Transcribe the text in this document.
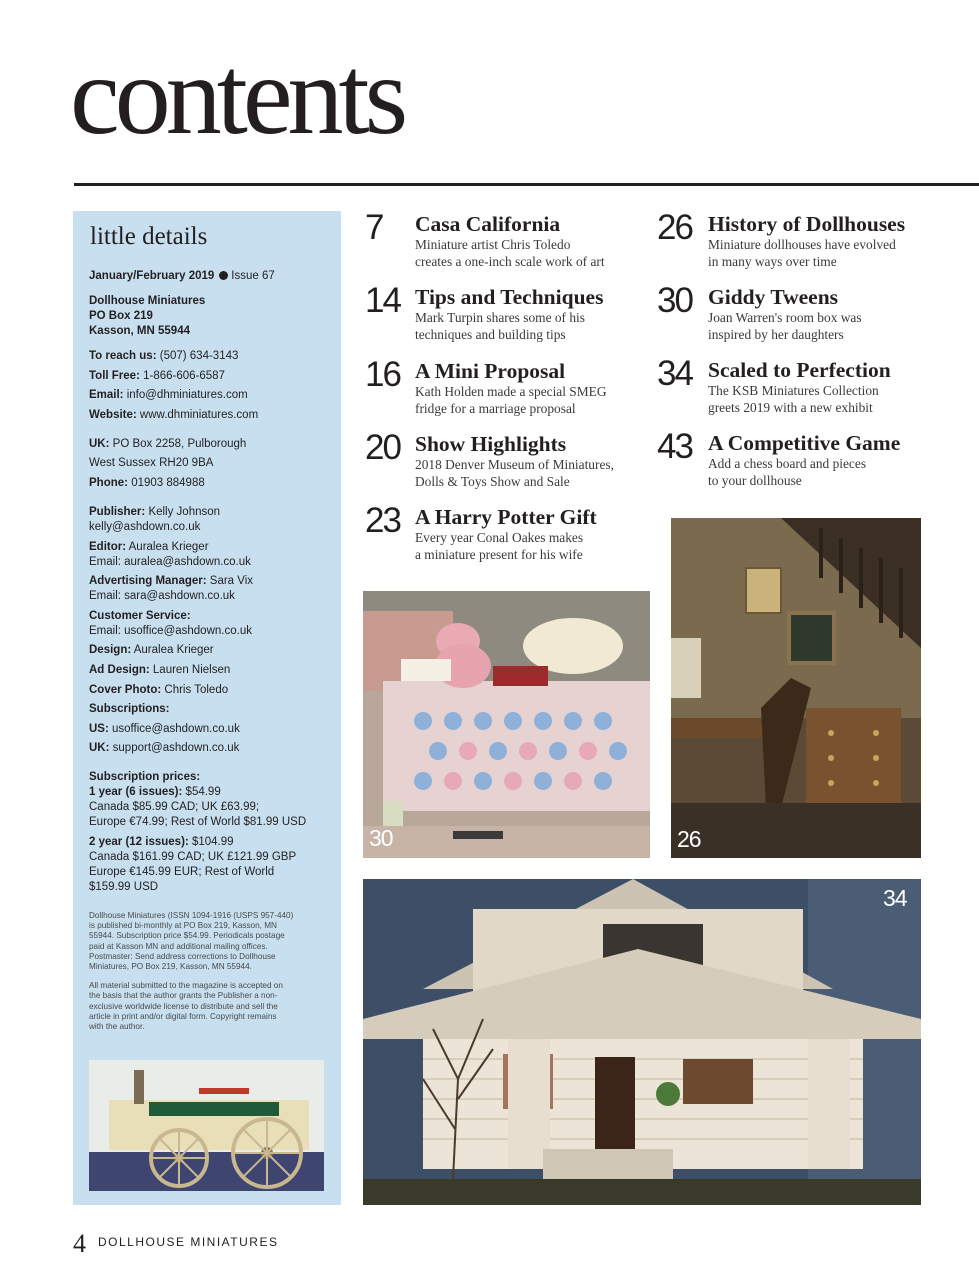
contents
little details
January/February 2019 Issue 67
Dollhouse Miniatures
PO Box 219
Kasson, MN 55944
To reach us: (507) 634-3143
Toll Free: 1-866-606-6587
Email: info@dhminiatures.com
Website: www.dhminiatures.com
UK: PO Box 2258, Pulborough
West Sussex RH20 9BA
Phone: 01903 884988
Publisher: Kelly Johnson
kelly@ashdown.co.uk
Editor: Auralea Krieger
Email: auralea@ashdown.co.uk
Advertising Manager: Sara Vix
Email: sara@ashdown.co.uk
Customer Service:
Email: usoffice@ashdown.co.uk
Design: Auralea Krieger
Ad Design: Lauren Nielsen
Cover Photo: Chris Toledo
Subscriptions:
US: usoffice@ashdown.co.uk
UK: support@ashdown.co.uk
Subscription prices:
1 year (6 issues): $54.99
Canada $85.99 CAD; UK £63.99;
Europe €74.99; Rest of World $81.99 USD
2 year (12 issues): $104.99
Canada $161.99 CAD; UK £121.99 GBP
Europe €145.99 EUR; Rest of World
$159.99 USD

Dollhouse Miniatures (ISSN 1094-1916 (USPS 957-440)
is published bi-monthly at PO Box 219, Kasson, MN
55944. Subscription price $54.99. Periodicals postage
paid at Kasson MN and additional mailing offices.
Postmaster: Send address corrections to Dollhouse
Miniatures, PO Box 219, Kasson, MN 55944.

All material submitted to the magazine is accepted on
the basis that the author grants the Publisher a non-
exclusive worldwide license to distribute and sell the
article in print and/or digital form. Copyright remains
with the author.

7 Casa California
Miniature artist Chris Toledo
creates a one-inch scale work of art
14 Tips and Techniques
Mark Turpin shares some of his
techniques and building tips
16 A Mini Proposal
Kath Holden made a special SMEG
fridge for a marriage proposal
20 Show Highlights
2018 Denver Museum of Miniatures,
Dolls & Toys Show and Sale
23 A Harry Potter Gift
Every year Conal Oakes makes
a miniature present for his wife
26 History of Dollhouses
Miniature dollhouses have evolved
in many ways over time
30 Giddy Tweens
Joan Warren's room box was
inspired by her daughters
34 Scaled to Perfection
The KSB Miniatures Collection
greets 2019 with a new exhibit
43 A Competitive Game
Add a chess board and pieces
to your dollhouse
30	26
34
4 DOLLHOUSE MINIATURES
